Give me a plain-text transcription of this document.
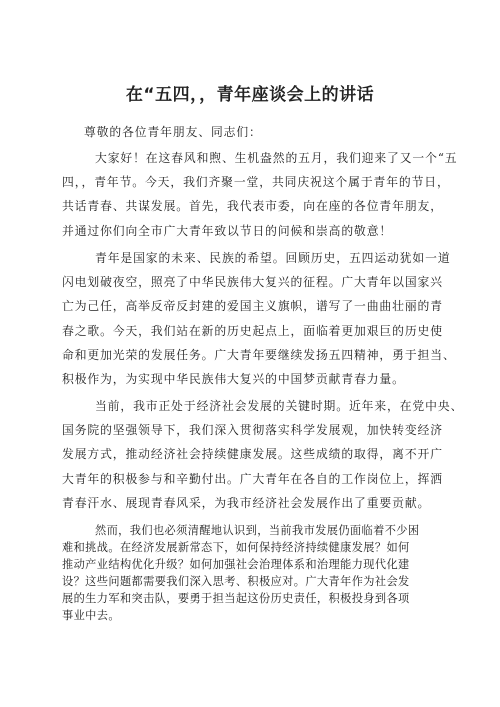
在“五四，，青年座谈会上的讲话
尊敬的各位青年朋友、同志们：
大家好！在这春风和煦、生机盎然的五月，我们迎来了又一个“五
四，，青年节。今天，我们齐聚一堂，共同庆祝这个属于青年的节日，
共话青春、共谋发展。首先，我代表市委，向在座的各位青年朋友，
并通过你们向全市广大青年致以节日的问候和崇高的敬意！
青年是国家的未来、民族的希望。回顾历史，五四运动犹如一道
闪电划破夜空，照亮了中华民族伟大复兴的征程。广大青年以国家兴
亡为己任，高举反帝反封建的爱国主义旗帜，谱写了一曲曲壮丽的青
春之歌。今天，我们站在新的历史起点上，面临着更加艰巨的历史使
命和更加光荣的发展任务。广大青年要继续发扬五四精神，勇于担当、
积极作为，为实现中华民族伟大复兴的中国梦贡献青春力量。
当前，我市正处于经济社会发展的关键时期。近年来，在党中央、
国务院的坚强领导下，我们深入贯彻落实科学发展观，加快转变经济
发展方式，推动经济社会持续健康发展。这些成绩的取得，离不开广
大青年的积极参与和辛勤付出。广大青年在各自的工作岗位上，挥洒
青春汗水、展现青春风采，为我市经济社会发展作出了重要贡献。
然而，我们也必须清醒地认识到，当前我市发展仍面临着不少困
难和挑战。在经济发展新常态下，如何保持经济持续健康发展？如何
推动产业结构优化升级？如何加强社会治理体系和治理能力现代化建
设？这些问题都需要我们深入思考、积极应对。广大青年作为社会发
展的生力军和突击队，要勇于担当起这份历史责任，积极投身到各项
事业中去。
